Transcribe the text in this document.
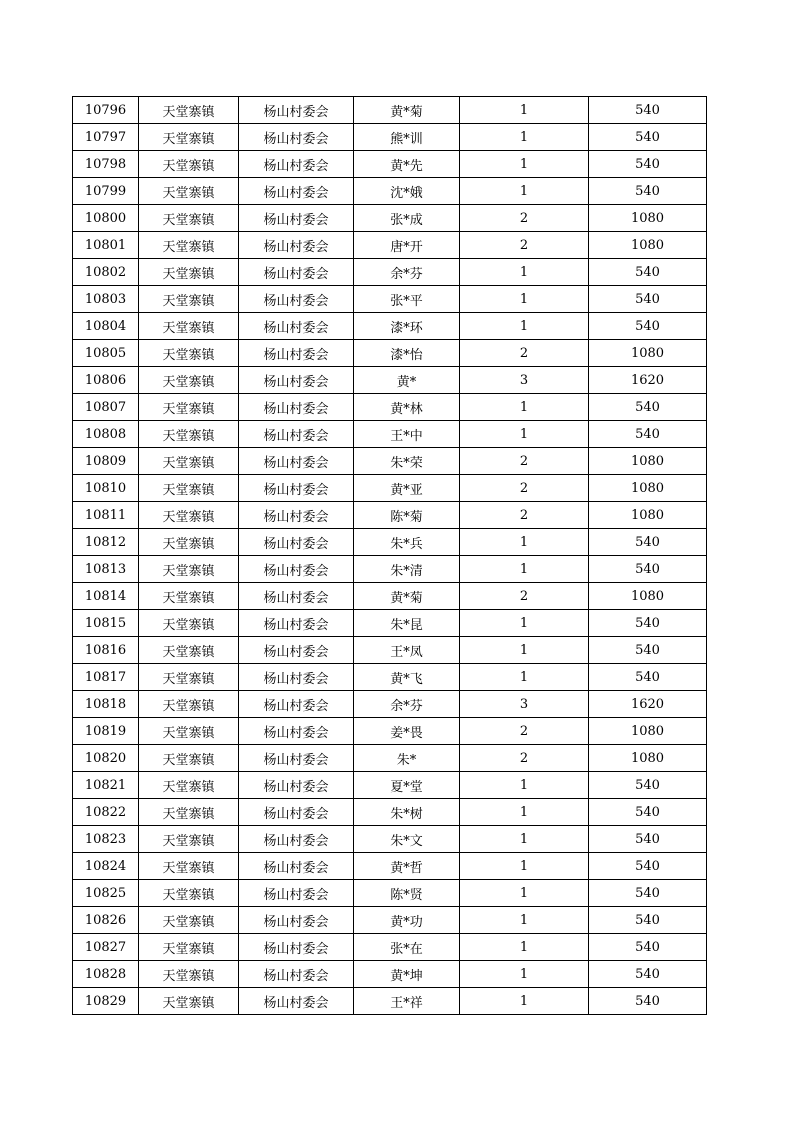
10796	天堂寨镇	杨山村委会	黄*菊	1	540
10797	天堂寨镇	杨山村委会	熊*训	1	540
10798	天堂寨镇	杨山村委会	黄*先	1	540
10799	天堂寨镇	杨山村委会	沈*娥	1	540
10800	天堂寨镇	杨山村委会	张*成	2	1080
10801	天堂寨镇	杨山村委会	唐*开	2	1080
10802	天堂寨镇	杨山村委会	余*芬	1	540
10803	天堂寨镇	杨山村委会	张*平	1	540
10804	天堂寨镇	杨山村委会	漆*环	1	540
10805	天堂寨镇	杨山村委会	漆*怡	2	1080
10806	天堂寨镇	杨山村委会	黄*	3	1620
10807	天堂寨镇	杨山村委会	黄*林	1	540
10808	天堂寨镇	杨山村委会	王*中	1	540
10809	天堂寨镇	杨山村委会	朱*荣	2	1080
10810	天堂寨镇	杨山村委会	黄*亚	2	1080
10811	天堂寨镇	杨山村委会	陈*菊	2	1080
10812	天堂寨镇	杨山村委会	朱*兵	1	540
10813	天堂寨镇	杨山村委会	朱*清	1	540
10814	天堂寨镇	杨山村委会	黄*菊	2	1080
10815	天堂寨镇	杨山村委会	朱*昆	1	540
10816	天堂寨镇	杨山村委会	王*凤	1	540
10817	天堂寨镇	杨山村委会	黄*飞	1	540
10818	天堂寨镇	杨山村委会	余*芬	3	1620
10819	天堂寨镇	杨山村委会	姜*畏	2	1080
10820	天堂寨镇	杨山村委会	朱*	2	1080
10821	天堂寨镇	杨山村委会	夏*堂	1	540
10822	天堂寨镇	杨山村委会	朱*树	1	540
10823	天堂寨镇	杨山村委会	朱*文	1	540
10824	天堂寨镇	杨山村委会	黄*哲	1	540
10825	天堂寨镇	杨山村委会	陈*贤	1	540
10826	天堂寨镇	杨山村委会	黄*功	1	540
10827	天堂寨镇	杨山村委会	张*在	1	540
10828	天堂寨镇	杨山村委会	黄*坤	1	540
10829	天堂寨镇	杨山村委会	王*祥	1	540
